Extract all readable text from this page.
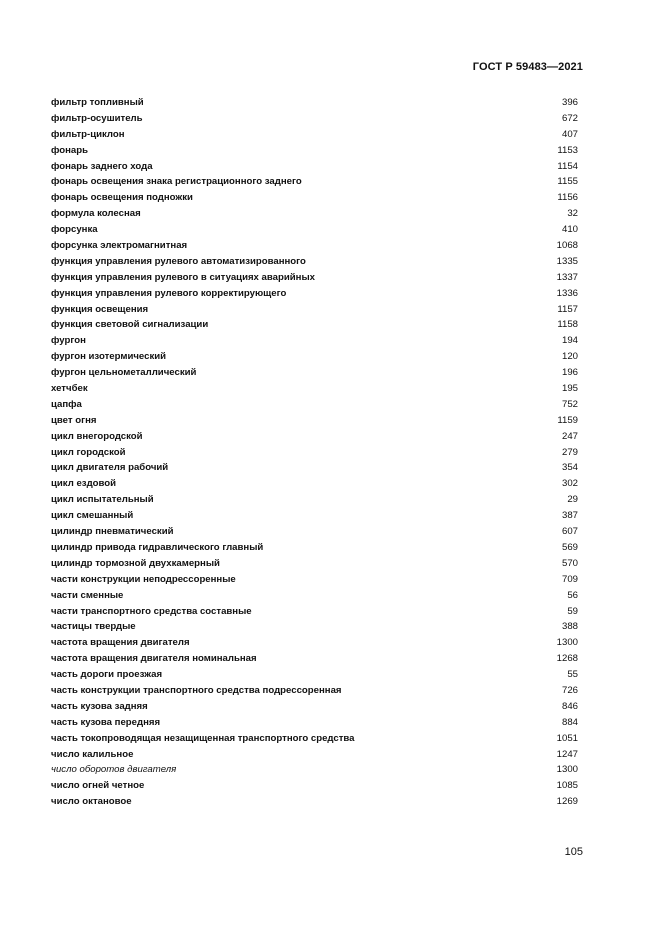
ГОСТ Р 59483—2021
фильтр топливный	396
фильтр-осушитель	672
фильтр-циклон	407
фонарь	1153
фонарь заднего хода	1154
фонарь освещения знака регистрационного заднего	1155
фонарь освещения подножки	1156
формула колесная	32
форсунка	410
форсунка электромагнитная	1068
функция управления рулевого автоматизированного	1335
функция управления рулевого в ситуациях аварийных	1337
функция управления рулевого корректирующего	1336
функция освещения	1157
функция световой сигнализации	1158
фургон	194
фургон изотермический	120
фургон цельнометаллический	196
хетчбек	195
цапфа	752
цвет огня	1159
цикл внегородской	247
цикл городской	279
цикл двигателя рабочий	354
цикл ездовой	302
цикл испытательный	29
цикл смешанный	387
цилиндр пневматический	607
цилиндр привода гидравлического главный	569
цилиндр тормозной двухкамерный	570
части конструкции неподрессоренные	709
части сменные	56
части транспортного средства составные	59
частицы твердые	388
частота вращения двигателя	1300
частота вращения двигателя номинальная	1268
часть дороги проезжая	55
часть конструкции транспортного средства подрессоренная	726
часть кузова задняя	846
часть кузова передняя	884
часть токопроводящая незащищенная транспортного средства	1051
число калильное	1247
число оборотов двигателя	1300
число огней четное	1085
число октановое	1269
105
